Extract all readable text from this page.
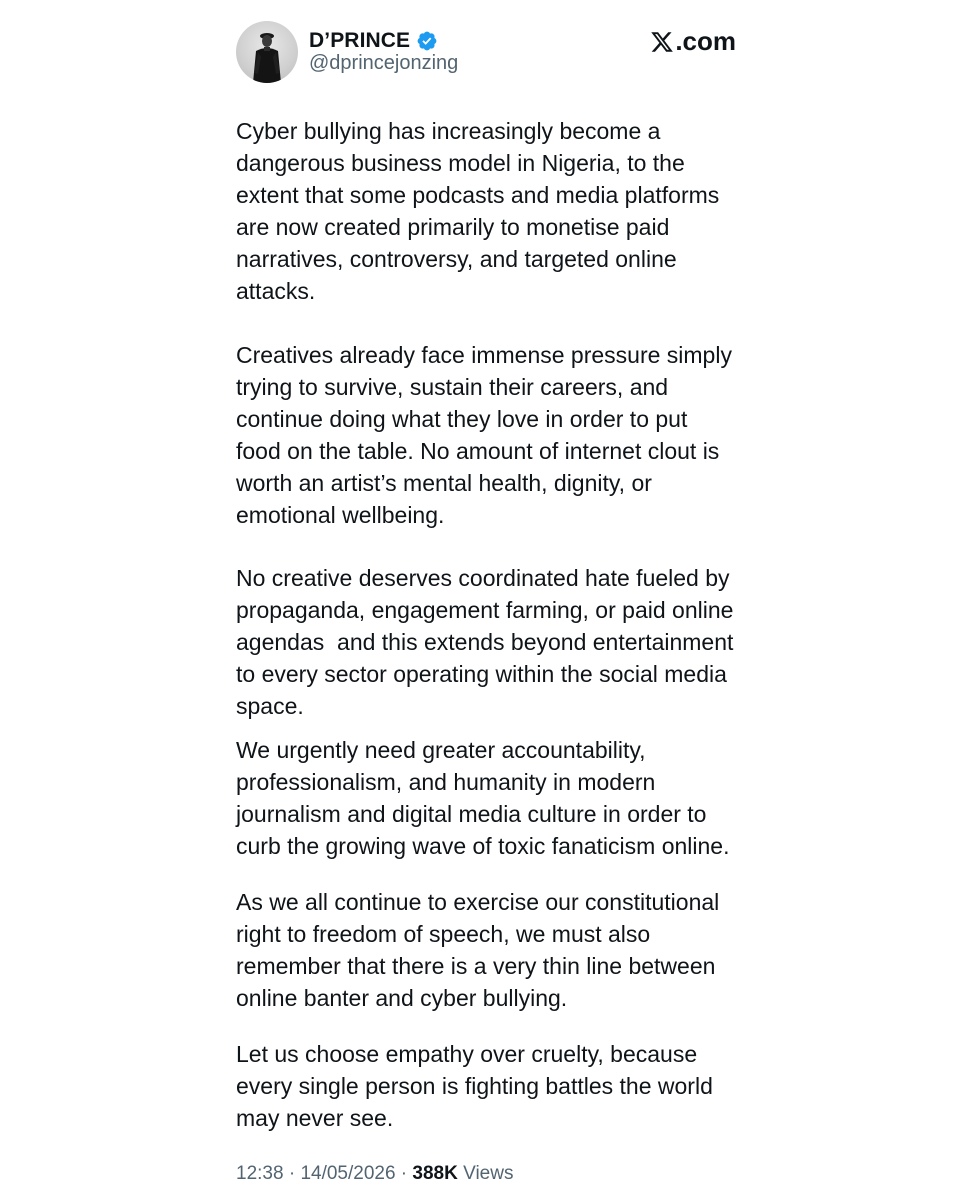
D’PRINCE
@dprincejonzing
.com

Cyber bullying has increasingly become a
dangerous business model in Nigeria, to the
extent that some podcasts and media platforms
are now created primarily to monetise paid
narratives, controversy, and targeted online
attacks.

Creatives already face immense pressure simply
trying to survive, sustain their careers, and
continue doing what they love in order to put
food on the table. No amount of internet clout is
worth an artist’s mental health, dignity, or
emotional wellbeing.

No creative deserves coordinated hate fueled by
propaganda, engagement farming, or paid online
agendas  and this extends beyond entertainment
to every sector operating within the social media
space.

We urgently need greater accountability,
professionalism, and humanity in modern
journalism and digital media culture in order to
curb the growing wave of toxic fanaticism online.

As we all continue to exercise our constitutional
right to freedom of speech, we must also
remember that there is a very thin line between
online banter and cyber bullying.

Let us choose empathy over cruelty, because
every single person is fighting battles the world
may never see.

12:38 · 14/05/2026 · 388K Views
